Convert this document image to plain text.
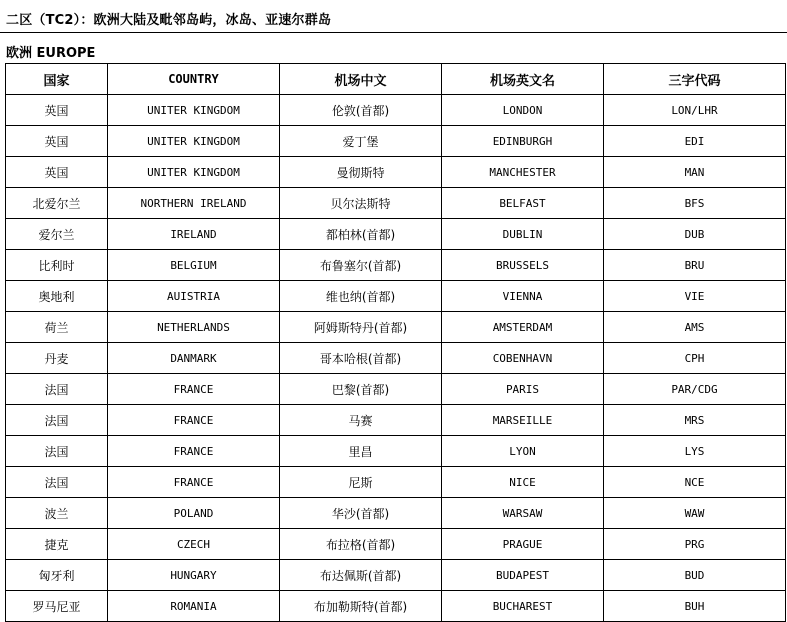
二区（TC2）：欧洲大陆及毗邻岛屿，冰岛、亚速尔群岛
欧洲 EUROPE
国家	COUNTRY	机场中文	机场英文名	三字代码
英国	UNITER KINGDOM	伦敦(首都)	LONDON	LON/LHR
英国	UNITER KINGDOM	爱丁堡	EDINBURGH	EDI
英国	UNITER KINGDOM	曼彻斯特	MANCHESTER	MAN
北爱尔兰	NORTHERN IRELAND	贝尔法斯特	BELFAST	BFS
爱尔兰	IRELAND	都柏林(首都)	DUBLIN	DUB
比利时	BELGIUM	布鲁塞尔(首都)	BRUSSELS	BRU
奥地利	AUISTRIA	维也纳(首都)	VIENNA	VIE
荷兰	NETHERLANDS	阿姆斯特丹(首都)	AMSTERDAM	AMS
丹麦	DANMARK	哥本哈根(首都)	COBENHAVN	CPH
法国	FRANCE	巴黎(首都)	PARIS	PAR/CDG
法国	FRANCE	马赛	MARSEILLE	MRS
法国	FRANCE	里昌	LYON	LYS
法国	FRANCE	尼斯	NICE	NCE
波兰	POLAND	华沙(首都)	WARSAW	WAW
捷克	CZECH	布拉格(首都)	PRAGUE	PRG
匈牙利	HUNGARY	布达佩斯(首都)	BUDAPEST	BUD
罗马尼亚	ROMANIA	布加勒斯特(首都)	BUCHAREST	BUH
